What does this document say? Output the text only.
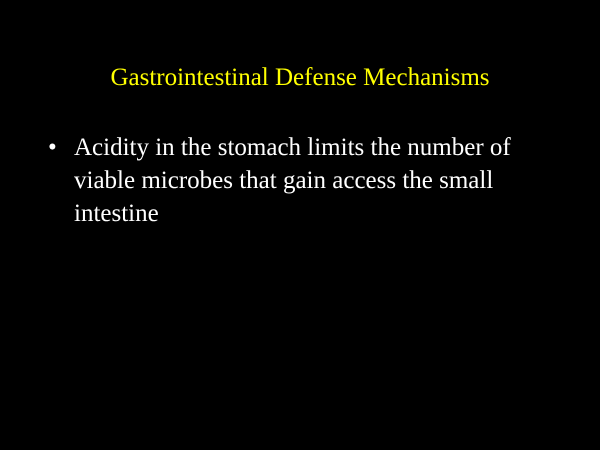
Gastrointestinal Defense Mechanisms
• Acidity in the stomach limits the number of viable microbes that gain access the small intestine
